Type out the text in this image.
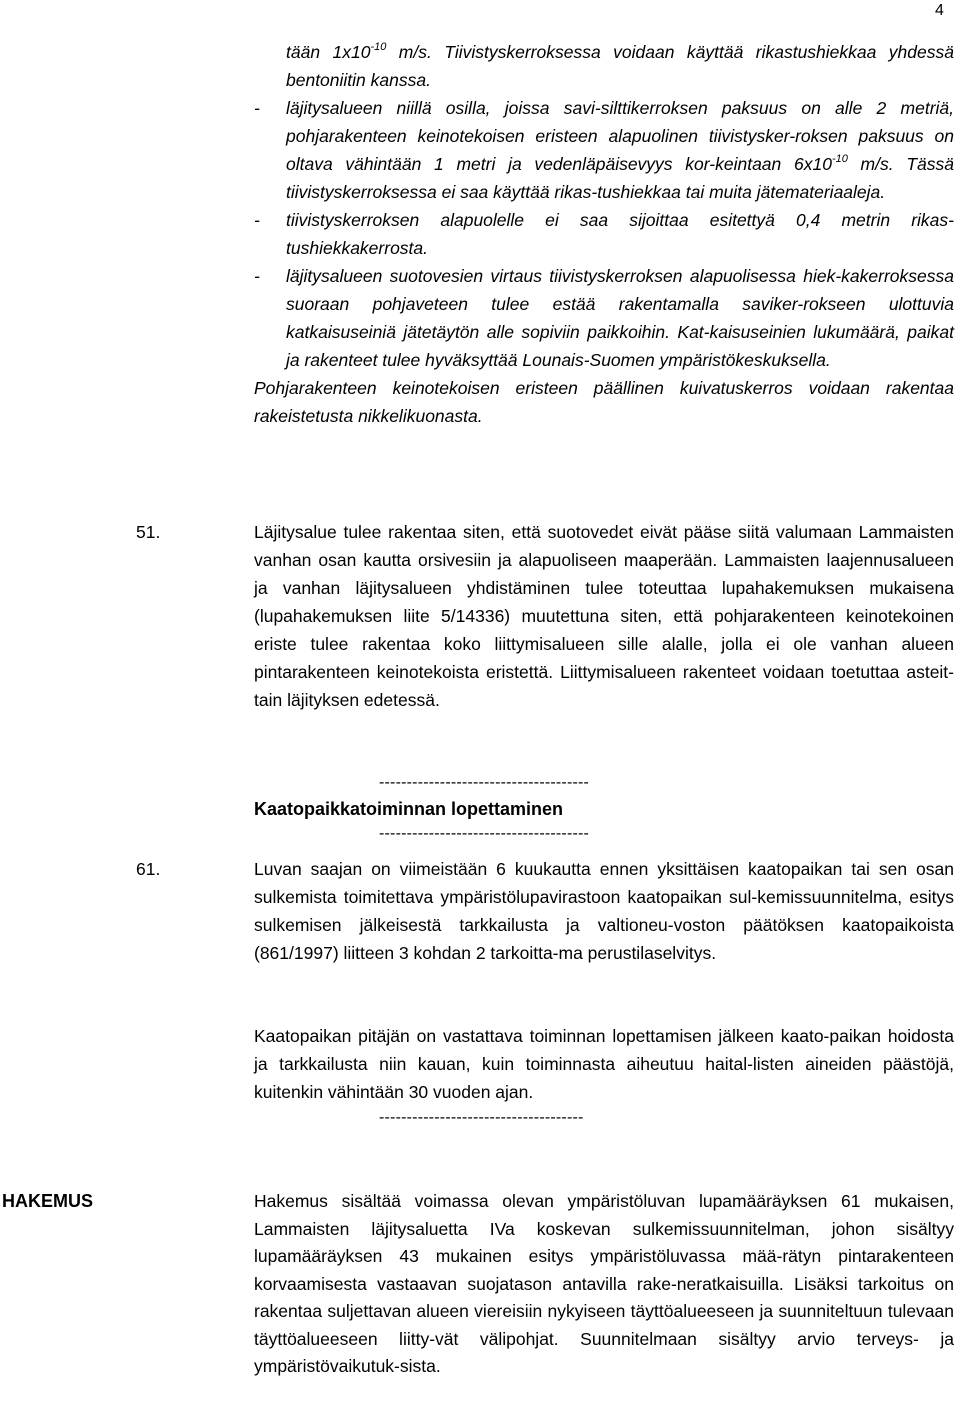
4
tään $1x10^{-10}$ m/s. Tiivistyskerroksessa voidaan käyttää rikastushiekkaa yhdessä bentoniitin kanssa.
- läjitysalueen niillä osilla, joissa savi-silttikerroksen paksuus on alle 2 metriä, pohjarakenteen keinotekoisen eristeen alapuolinen tiivistysker-roksen paksuus on oltava vähintään 1 metri ja vedenläpäisevyys kor-keintaan $6x10^{-10}$ m/s. Tässä tiivistyskerroksessa ei saa käyttää rikas-tushiekkaa tai muita jätemateriaaleja.
- tiivistyskerroksen alapuolelle ei saa sijoittaa esitettyä 0,4 metrin rikas-tushiekkakerrosta.
- läjitysalueen suotovesien virtaus tiivistyskerroksen alapuolisessa hiek-kakerroksessa suoraan pohjaveteen tulee estää rakentamalla saviker-rokseen ulottuvia katkaisuseiniä jätetäytön alle sopiviin paikkoihin. Kat-kaisuseinien lukumäärä, paikat ja rakenteet tulee hyväksyttää Lounais-Suomen ympäristökeskuksella.
Pohjarakenteen keinotekoisen eristeen päällinen kuivatuskerros voidaan rakentaa rakeistetusta nikkelikuonasta.
51.	Läjitysalue tulee rakentaa siten, että suotovedet eivät pääse siitä valumaan Lammaisten vanhan osan kautta orsivesiin ja alapuoliseen maaperään. Lammaisten laajennusalueen ja vanhan läjitysalueen yhdistäminen tulee toteuttaa lupahakemuksen mukaisena (lupahakemuksen liite 5/14336) muutettuna siten, että pohjarakenteen keinotekoinen eriste tulee rakentaa koko liittymisalueen sille alalle, jolla ei ole vanhan alueen pintarakenteen keinotekoista eristettä. Liittymisalueen rakenteet voidaan toetuttaa asteit-tain läjityksen edetessä.
--------------------------------------
Kaatopaikkatoiminnan lopettaminen
--------------------------------------
61.	Luvan saajan on viimeistään 6 kuukautta ennen yksittäisen kaatopaikan tai sen osan sulkemista toimitettava ympäristölupavirastoon kaatopaikan sul-kemissuunnitelma, esitys sulkemisen jälkeisestä tarkkailusta ja valtioneu-voston päätöksen kaatopaikoista (861/1997) liitteen 3 kohdan 2 tarkoitta-ma perustilaselvitys.
Kaatopaikan pitäjän on vastattava toiminnan lopettamisen jälkeen kaato-paikan hoidosta ja tarkkailusta niin kauan, kuin toiminnasta aiheutuu haital-listen aineiden päästöjä, kuitenkin vähintään 30 vuoden ajan.
-------------------------------------
HAKEMUS	Hakemus sisältää voimassa olevan ympäristöluvan lupamääräyksen 61 mukaisen, Lammaisten läjitysaluetta IVa koskevan sulkemissuunnitelman, johon sisältyy lupamääräyksen 43 mukainen esitys ympäristöluvassa mää-rätyn pintarakenteen korvaamisesta vastaavan suojatason antavilla rake-neratkaisuilla. Lisäksi tarkoitus on rakentaa suljettavan alueen viereisiin nykyiseen täyttöalueeseen ja suunniteltuun tulevaan täyttöalueeseen liitty-vät välipohjat. Suunnitelmaan sisältyy arvio terveys- ja ympäristövaikutuk-sista.
